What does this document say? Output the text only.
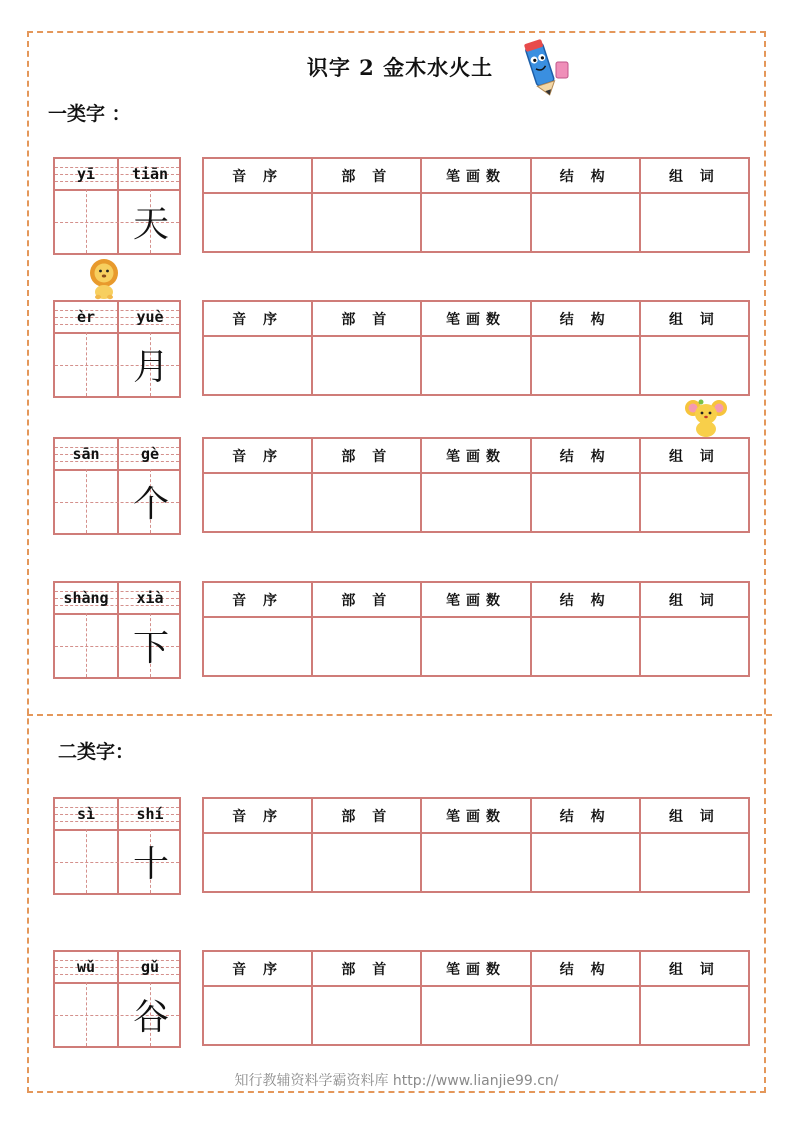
识字 2 金木水火土
一类字 ：
二类字：
yī	tiān
天
音 序	部 首	笔画数	结 构	组 词

èr	yuè
月
音 序	部 首	笔画数	结 构	组 词

sān	gè
个
音 序	部 首	笔画数	结 构	组 词

shàng	xià
下
音 序	部 首	笔画数	结 构	组 词

sì	shí
十
音 序	部 首	笔画数	结 构	组 词

wǔ	gǔ
谷
音 序	部 首	笔画数	结 构	组 词

知行教辅资料学霸资料库 http://www.lianjie99.cn/
